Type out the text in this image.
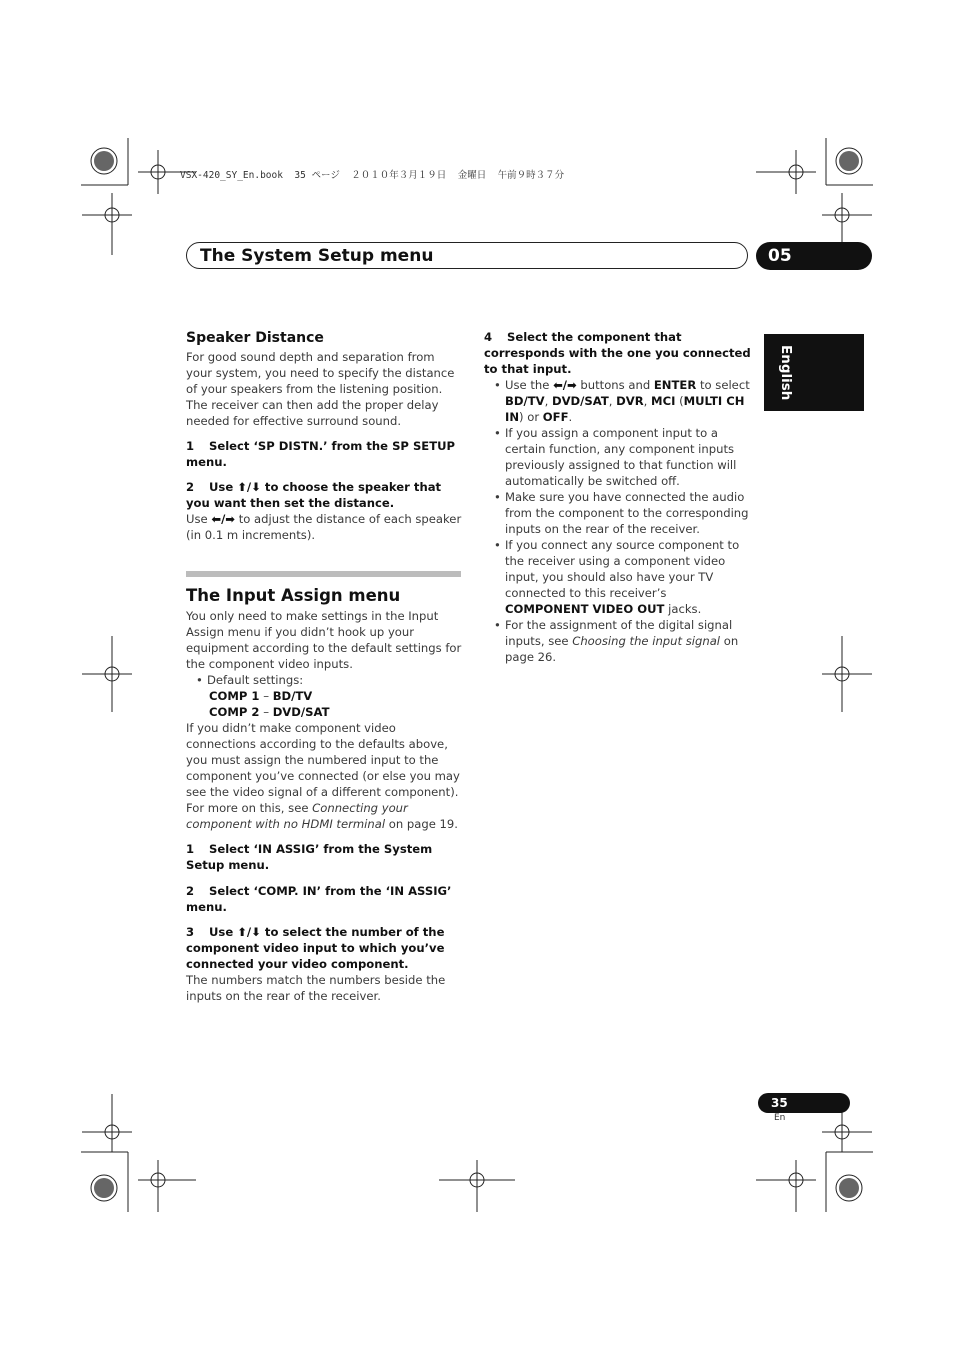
VSX-420_SY_En.book  35 ページ  ２０１０年３月１９日  金曜日  午前９時３７分
The System Setup menu	05
English

Speaker Distance

For good sound depth and separation from your system, you need to specify the distance of your speakers from the listening position. The receiver can then add the proper delay needed for effective surround sound.

1 Select ‘SP DISTN.’ from the SP SETUP menu.

2 Use ⬆/⬇ to choose the speaker that you want then set the distance.

Use ⬅/➡ to adjust the distance of each speaker (in 0.1 m increments).

The Input Assign menu

You only need to make settings in the Input Assign menu if you didn’t hook up your equipment according to the default settings for the component video inputs.

• Default settings:

COMP 1 – BD/TV

COMP 2 – DVD/SAT

If you didn’t make component video connections according to the defaults above, you must assign the numbered input to the component you’ve connected (or else you may see the video signal of a different component). For more on this, see Connecting your component with no HDMI terminal on page 19.

1 Select ‘IN ASSIG’ from the System Setup menu.

2 Select ‘COMP. IN’ from the ‘IN ASSIG’ menu.

3 Use ⬆/⬇ to select the number of the component video input to which you’ve connected your video component.

The numbers match the numbers beside the inputs on the rear of the receiver.

4 Select the component that corresponds with the one you connected to that input.

• Use the ⬅/➡ buttons and ENTER to select BD/TV, DVD/SAT, DVR, MCI (MULTI CH IN) or OFF.

• If you assign a component input to a certain function, any component inputs previously assigned to that function will automatically be switched off.

• Make sure you have connected the audio from the component to the corresponding inputs on the rear of the receiver.

• If you connect any source component to the receiver using a component video input, you should also have your TV connected to this receiver’s COMPONENT VIDEO OUT jacks.

• For the assignment of the digital signal inputs, see Choosing the input signal on page 26.

35
En
